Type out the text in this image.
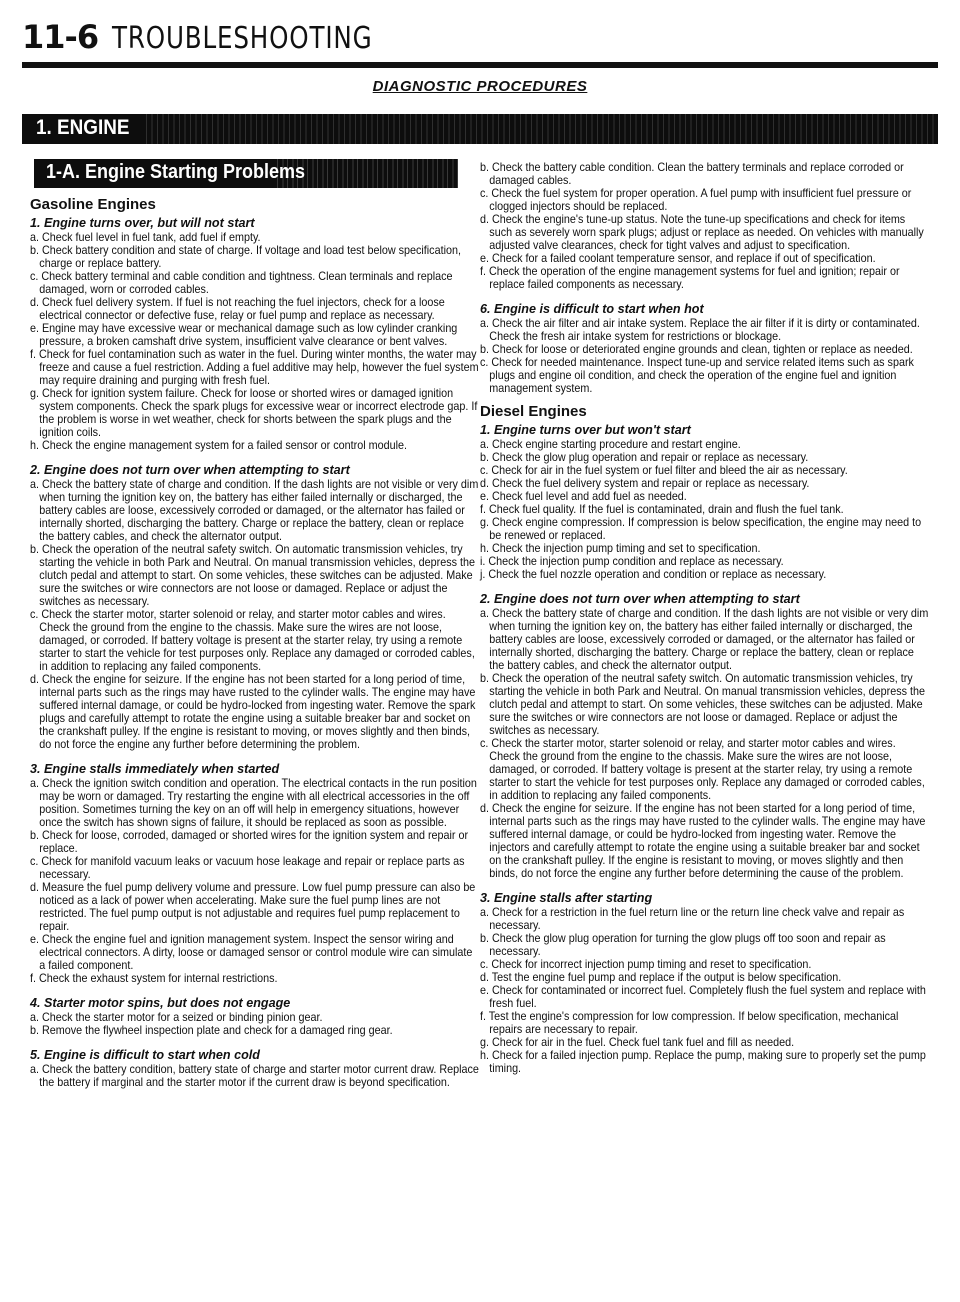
11-6 TROUBLESHOOTING
DIAGNOSTIC PROCEDURES
1. ENGINE
1-A. Engine Starting Problems
Gasoline Engines
1. Engine turns over, but will not start

a. Check fuel level in fuel tank, add fuel if empty.

b. Check battery condition and state of charge. If voltage and load test below specification, charge or replace battery.

c. Check battery terminal and cable condition and tightness. Clean terminals and replace damaged, worn or corroded cables.

d. Check fuel delivery system. If fuel is not reaching the fuel injectors, check for a loose electrical connector or defective fuse, relay or fuel pump and replace as necessary.

e. Engine may have excessive wear or mechanical damage such as low cylinder cranking pressure, a broken camshaft drive system, insufficient valve clearance or bent valves.

f. Check for fuel contamination such as water in the fuel. During winter months, the water may freeze and cause a fuel restriction. Adding a fuel additive may help, however the fuel system may require draining and purging with fresh fuel.

g. Check for ignition system failure. Check for loose or shorted wires or damaged ignition system components. Check the spark plugs for excessive wear or incorrect electrode gap. If the problem is worse in wet weather, check for shorts between the spark plugs and the ignition coils.

h. Check the engine management system for a failed sensor or control module.

2. Engine does not turn over when attempting to start

a. Check the battery state of charge and condition. If the dash lights are not visible or very dim when turning the ignition key on, the battery has either failed internally or discharged, the battery cables are loose, excessively corroded or damaged, or the alternator has failed or internally shorted, discharging the battery. Charge or replace the battery, clean or replace the battery cables, and check the alternator output.

b. Check the operation of the neutral safety switch. On automatic transmission vehicles, try starting the vehicle in both Park and Neutral. On manual transmission vehicles, depress the clutch pedal and attempt to start. On some vehicles, these switches can be adjusted. Make sure the switches or wire connectors are not loose or damaged. Replace or adjust the switches as necessary.

c. Check the starter motor, starter solenoid or relay, and starter motor cables and wires. Check the ground from the engine to the chassis. Make sure the wires are not loose, damaged, or corroded. If battery voltage is present at the starter relay, try using a remote starter to start the vehicle for test purposes only. Replace any damaged or corroded cables, in addition to replacing any failed components.

d. Check the engine for seizure. If the engine has not been started for a long period of time, internal parts such as the rings may have rusted to the cylinder walls. The engine may have suffered internal damage, or could be hydro-locked from ingesting water. Remove the spark plugs and carefully attempt to rotate the engine using a suitable breaker bar and socket on the crankshaft pulley. If the engine is resistant to moving, or moves slightly and then binds, do not force the engine any further before determining the problem.

3. Engine stalls immediately when started

a. Check the ignition switch condition and operation. The electrical contacts in the run position may be worn or damaged. Try restarting the engine with all electrical accessories in the off position. Sometimes turning the key on an off will help in emergency situations, however once the switch has shown signs of failure, it should be replaced as soon as possible.

b. Check for loose, corroded, damaged or shorted wires for the ignition system and repair or replace.

c. Check for manifold vacuum leaks or vacuum hose leakage and repair or replace parts as necessary.

d. Measure the fuel pump delivery volume and pressure. Low fuel pump pressure can also be noticed as a lack of power when accelerating. Make sure the fuel pump lines are not restricted. The fuel pump output is not adjustable and requires fuel pump replacement to repair.

e. Check the engine fuel and ignition management system. Inspect the sensor wiring and electrical connectors. A dirty, loose or damaged sensor or control module wire can simulate a failed component.

f. Check the exhaust system for internal restrictions.

4. Starter motor spins, but does not engage

a. Check the starter motor for a seized or binding pinion gear.

b. Remove the flywheel inspection plate and check for a damaged ring gear.

5. Engine is difficult to start when cold

a. Check the battery condition, battery state of charge and starter motor current draw. Replace the battery if marginal and the starter motor if the current draw is beyond specification.

b. Check the battery cable condition. Clean the battery terminals and replace corroded or damaged cables.

c. Check the fuel system for proper operation. A fuel pump with insufficient fuel pressure or clogged injectors should be replaced.

d. Check the engine's tune-up status. Note the tune-up specifications and check for items such as severely worn spark plugs; adjust or replace as needed. On vehicles with manually adjusted valve clearances, check for tight valves and adjust to specification.

e. Check for a failed coolant temperature sensor, and replace if out of specification.

f. Check the operation of the engine management systems for fuel and ignition; repair or replace failed components as necessary.

6. Engine is difficult to start when hot

a. Check the air filter and air intake system. Replace the air filter if it is dirty or contaminated. Check the fresh air intake system for restrictions or blockage.

b. Check for loose or deteriorated engine grounds and clean, tighten or replace as needed.

c. Check for needed maintenance. Inspect tune-up and service related items such as spark plugs and engine oil condition, and check the operation of the engine fuel and ignition management system.

Diesel Engines
1. Engine turns over but won't start

a. Check engine starting procedure and restart engine.

b. Check the glow plug operation and repair or replace as necessary.

c. Check for air in the fuel system or fuel filter and bleed the air as necessary.

d. Check the fuel delivery system and repair or replace as necessary.

e. Check fuel level and add fuel as needed.

f. Check fuel quality. If the fuel is contaminated, drain and flush the fuel tank.

g. Check engine compression. If compression is below specification, the engine may need to be renewed or replaced.

h. Check the injection pump timing and set to specification.

i. Check the injection pump condition and replace as necessary.

j. Check the fuel nozzle operation and condition or replace as necessary.

2. Engine does not turn over when attempting to start

a. Check the battery state of charge and condition. If the dash lights are not visible or very dim when turning the ignition key on, the battery has either failed internally or discharged, the battery cables are loose, excessively corroded or damaged, or the alternator has failed or internally shorted, discharging the battery. Charge or replace the battery, clean or replace the battery cables, and check the alternator output.

b. Check the operation of the neutral safety switch. On automatic transmission vehicles, try starting the vehicle in both Park and Neutral. On manual transmission vehicles, depress the clutch pedal and attempt to start. On some vehicles, these switches can be adjusted. Make sure the switches or wire connectors are not loose or damaged. Replace or adjust the switches as necessary.

c. Check the starter motor, starter solenoid or relay, and starter motor cables and wires. Check the ground from the engine to the chassis. Make sure the wires are not loose, damaged, or corroded. If battery voltage is present at the starter relay, try using a remote starter to start the vehicle for test purposes only. Replace any damaged or corroded cables, in addition to replacing any failed components.

d. Check the engine for seizure. If the engine has not been started for a long period of time, internal parts such as the rings may have rusted to the cylinder walls. The engine may have suffered internal damage, or could be hydro-locked from ingesting water. Remove the injectors and carefully attempt to rotate the engine using a suitable breaker bar and socket on the crankshaft pulley. If the engine is resistant to moving, or moves slightly and then binds, do not force the engine any further before determining the cause of the problem.

3. Engine stalls after starting

a. Check for a restriction in the fuel return line or the return line check valve and repair as necessary.

b. Check the glow plug operation for turning the glow plugs off too soon and repair as necessary.

c. Check for incorrect injection pump timing and reset to specification.

d. Test the engine fuel pump and replace if the output is below specification.

e. Check for contaminated or incorrect fuel. Completely flush the fuel system and replace with fresh fuel.

f. Test the engine's compression for low compression. If below specification, mechanical repairs are necessary to repair.

g. Check for air in the fuel. Check fuel tank fuel and fill as needed.

h. Check for a failed injection pump. Replace the pump, making sure to properly set the pump timing.
